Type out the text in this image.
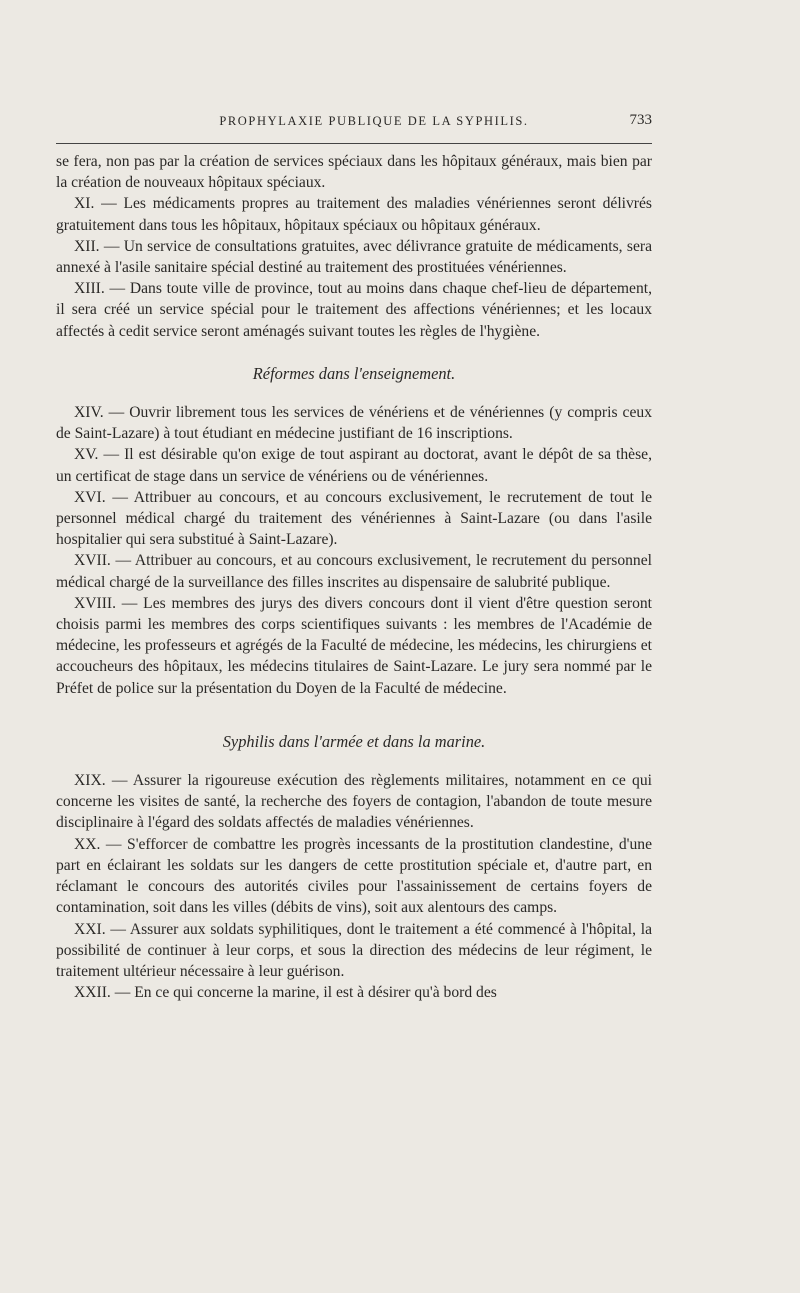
PROPHYLAXIE PUBLIQUE DE LA SYPHILIS.	733

se fera, non pas par la création de services spéciaux dans les hôpitaux généraux, mais bien par la création de nouveaux hôpitaux spéciaux.

XI. — Les médicaments propres au traitement des maladies vénériennes seront délivrés gratuitement dans tous les hôpitaux, hôpitaux spéciaux ou hôpitaux généraux.

XII. — Un service de consultations gratuites, avec délivrance gratuite de médicaments, sera annexé à l'asile sanitaire spécial destiné au traitement des prostituées vénériennes.

XIII. — Dans toute ville de province, tout au moins dans chaque chef-lieu de département, il sera créé un service spécial pour le traitement des affections vénériennes; et les locaux affectés à cedit service seront aménagés suivant toutes les règles de l'hygiène.

Réformes dans l'enseignement.

XIV. — Ouvrir librement tous les services de vénériens et de vénériennes (y compris ceux de Saint-Lazare) à tout étudiant en médecine justifiant de 16 inscriptions.

XV. — Il est désirable qu'on exige de tout aspirant au doctorat, avant le dépôt de sa thèse, un certificat de stage dans un service de vénériens ou de vénériennes.

XVI. — Attribuer au concours, et au concours exclusivement, le recrutement de tout le personnel médical chargé du traitement des vénériennes à Saint-Lazare (ou dans l'asile hospitalier qui sera substitué à Saint-Lazare).

XVII. — Attribuer au concours, et au concours exclusivement, le recrutement du personnel médical chargé de la surveillance des filles inscrites au dispensaire de salubrité publique.

XVIII. — Les membres des jurys des divers concours dont il vient d'être question seront choisis parmi les membres des corps scientifiques suivants : les membres de l'Académie de médecine, les professeurs et agrégés de la Faculté de médecine, les médecins, les chirurgiens et accoucheurs des hôpitaux, les médecins titulaires de Saint-Lazare. Le jury sera nommé par le Préfet de police sur la présentation du Doyen de la Faculté de médecine.

Syphilis dans l'armée et dans la marine.

XIX. — Assurer la rigoureuse exécution des règlements militaires, notamment en ce qui concerne les visites de santé, la recherche des foyers de contagion, l'abandon de toute mesure disciplinaire à l'égard des soldats affectés de maladies vénériennes.

XX. — S'efforcer de combattre les progrès incessants de la prostitution clandestine, d'une part en éclairant les soldats sur les dangers de cette prostitution spéciale et, d'autre part, en réclamant le concours des autorités civiles pour l'assainissement de certains foyers de contamination, soit dans les villes (débits de vins), soit aux alentours des camps.

XXI. — Assurer aux soldats syphilitiques, dont le traitement a été commencé à l'hôpital, la possibilité de continuer à leur corps, et sous la direction des médecins de leur régiment, le traitement ultérieur nécessaire à leur guérison.

XXII. — En ce qui concerne la marine, il est à désirer qu'à bord des
